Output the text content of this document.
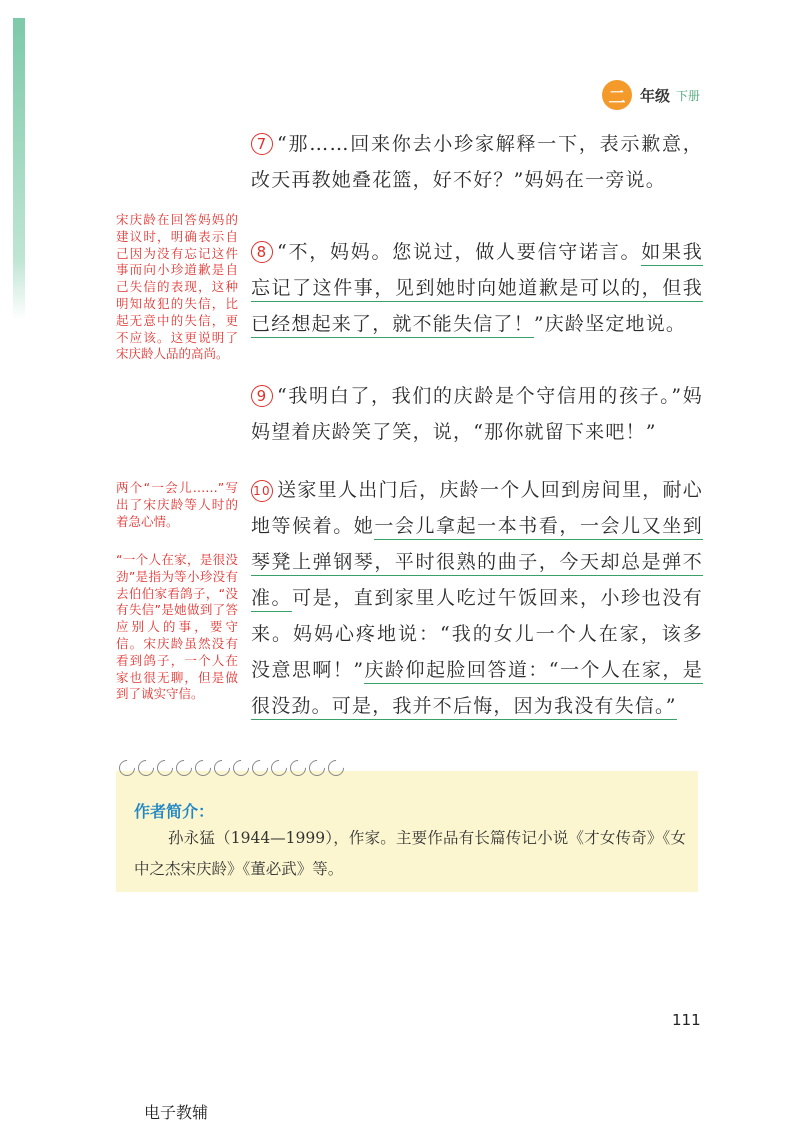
二 年级 下册

7 “那……回来你去小珍家解释一下，表示歉意，改天再教她叠花篮，好不好？”妈妈在一旁说。

8 “不，妈妈。您说过，做人要信守诺言。如果我忘记了这件事，见到她时向她道歉是可以的，但我已经想起来了，就不能失信了！”庆龄坚定地说。

9 “我明白了，我们的庆龄是个守信用的孩子。”妈妈望着庆龄笑了笑，说，“那你就留下来吧！”

10 送家里人出门后，庆龄一个人回到房间里，耐心地等候着。她一会儿拿起一本书看，一会儿又坐到琴凳上弹钢琴，平时很熟的曲子，今天却总是弹不准。可是，直到家里人吃过午饭回来，小珍也没有来。妈妈心疼地说：“我的女儿一个人在家，该多没意思啊！”庆龄仰起脸回答道：“一个人在家，是很没劲。可是，我并不后悔，因为我没有失信。”

宋庆龄在回答妈妈的建议时，明确表示自己因为没有忘记这件事而向小珍道歉是自己失信的表现，这种明知故犯的失信，比起无意中的失信，更不应该。这更说明了宋庆龄人品的高尚。
两个“一会儿……”写出了宋庆龄等人时的着急心情。
“一个人在家，是很没劲”是指为等小珍没有去伯伯家看鸽子，“没有失信”是她做到了答应别人的事，要守信。宋庆龄虽然没有看到鸽子，一个人在家也很无聊，但是做到了诚实守信。
作者简介：
孙永猛（1944—1999），作家。主要作品有长篇传记小说《才女传奇》《女中之杰宋庆龄》《董必武》等。
111
电子教辅
